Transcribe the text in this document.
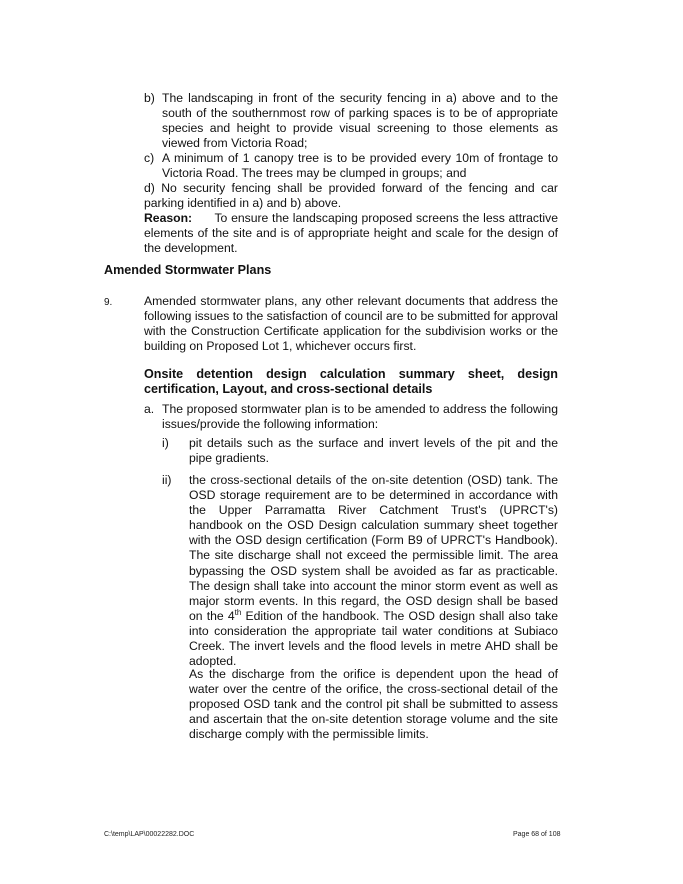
b) The landscaping in front of the security fencing in a) above and to the south of the southernmost row of parking spaces is to be of appropriate species and height to provide visual screening to those elements as viewed from Victoria Road;
c) A minimum of 1 canopy tree is to be provided every 10m of frontage to Victoria Road. The trees may be clumped in groups; and
d) No security fencing shall be provided forward of the fencing and car parking identified in a) and b) above.
Reason: To ensure the landscaping proposed screens the less attractive elements of the site and is of appropriate height and scale for the design of the development.
Amended Stormwater Plans
9.	Amended stormwater plans, any other relevant documents that address the following issues to the satisfaction of council are to be submitted for approval with the Construction Certificate application for the subdivision works or the building on Proposed Lot 1, whichever occurs first.
Onsite detention design calculation summary sheet, design certification, Layout, and cross-sectional details
a. The proposed stormwater plan is to be amended to address the following issues/provide the following information:
i) pit details such as the surface and invert levels of the pit and the pipe gradients.
ii) the cross-sectional details of the on-site detention (OSD) tank. The OSD storage requirement are to be determined in accordance with the Upper Parramatta River Catchment Trust's (UPRCT's) handbook on the OSD Design calculation summary sheet together with the OSD design certification (Form B9 of UPRCT's Handbook). The site discharge shall not exceed the permissible limit. The area bypassing the OSD system shall be avoided as far as practicable. The design shall take into account the minor storm event as well as major storm events. In this regard, the OSD design shall be based on the 4th Edition of the handbook. The OSD design shall also take into consideration the appropriate tail water conditions at Subiaco Creek. The invert levels and the flood levels in metre AHD shall be adopted.
As the discharge from the orifice is dependent upon the head of water over the centre of the orifice, the cross-sectional detail of the proposed OSD tank and the control pit shall be submitted to assess and ascertain that the on-site detention storage volume and the site discharge comply with the permissible limits.
C:\temp\LAP\00022282.DOC	Page 68 of 108
